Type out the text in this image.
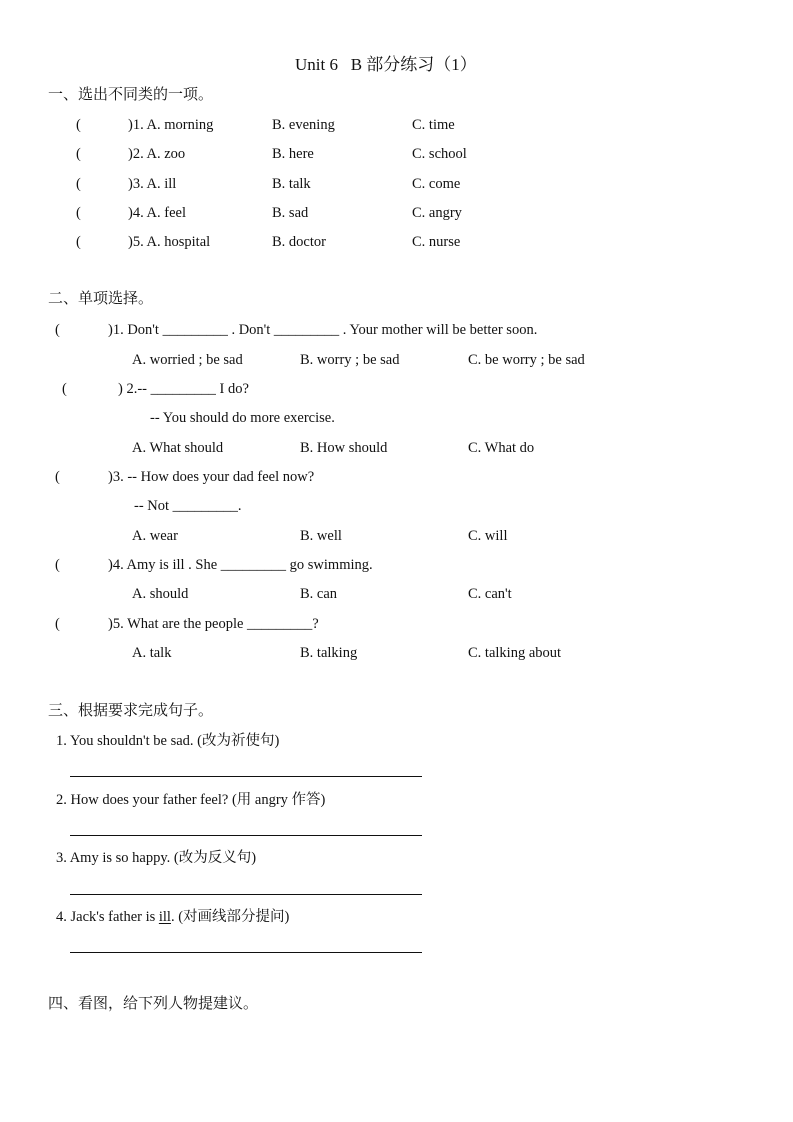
Unit 6   B 部分练习（1）
一、选出不同类的一项。
(	)1. A. morning	B. evening	C. time
(	)2. A. zoo	B. here	C. school
(	)3. A. ill	B. talk	C. come
(	)4. A. feel	B. sad	C. angry
(	)5. A. hospital	B. doctor	C. nurse
二、单项选择。
(	)1. Don't _________ . Don't _________ . Your mother will be better soon.
A. worried ; be sad	B. worry ; be sad	C. be worry ; be sad
(	) 2.-- _________ I do?
-- You should do more exercise.
A. What should	B. How should	C. What do
(	)3. -- How does your dad feel now?
-- Not _________.
A. wear	B. well	C. will
(	)4. Amy is ill . She _________ go swimming.
A. should	B. can	C. can't
(	)5. What are the people _________?
A. talk	B. talking	C. talking about
三、根据要求完成句子。
1. You shouldn't be sad. (改为祈使句)
2. How does your father feel? (用 angry 作答)
3. Amy is so happy. (改为反义句)
4. Jack's father is ill. (对画线部分提问)
四、看图，给下列人物提建议。
